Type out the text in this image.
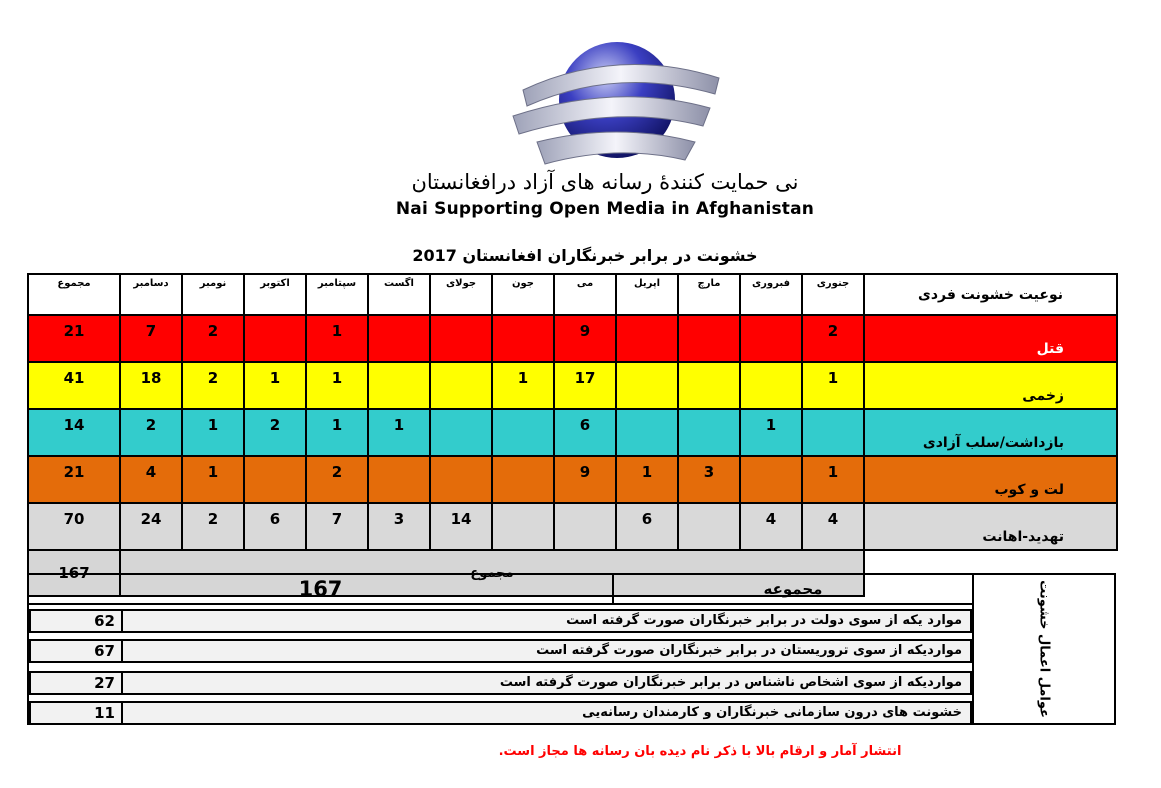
نی حمایت کنندهٔ رسانه های آزاد درافغانستان
Nai Supporting Open Media in Afghanistan
خشونت در برابر خبرنگاران افغانستان 2017
مجموع	دسامبر	نومبر	اکتوبر	سپتامبر	اگست	جولای	جون	می	اپریل	مارچ	فبروری	جنوری	نوعیت خشونت فردی
21	7	2		1				9				2	قتل
41	18	2	1	1			1	17				1	زخمی
14	2	1	2	1	1			6			1		بازداشت/سلب آزادی
21	4	1		2				9	1	3		1	لت و کوب
70	24	2	6	7	3	14			6		4	4	تهدید-اهانت
167	مجموع												
167	مجموعه
62	موارد یکه از سوی دولت در برابر خبرنگاران صورت گرفته است
67	مواردیکه از سوی تروریستان در برابر خبرنگاران صورت گرفته است
27	مواردیکه از سوی اشخاص ناشناس در برابر خبرنگاران صورت گرفته است
11	خشونت های درون سازمانی خبرنگاران و کارمندان رسانه‌یی	عوامل اعمال خشونت
انتشار آمار و ارقام بالا با ذکر نام دیده بان رسانه ها مجاز است.
